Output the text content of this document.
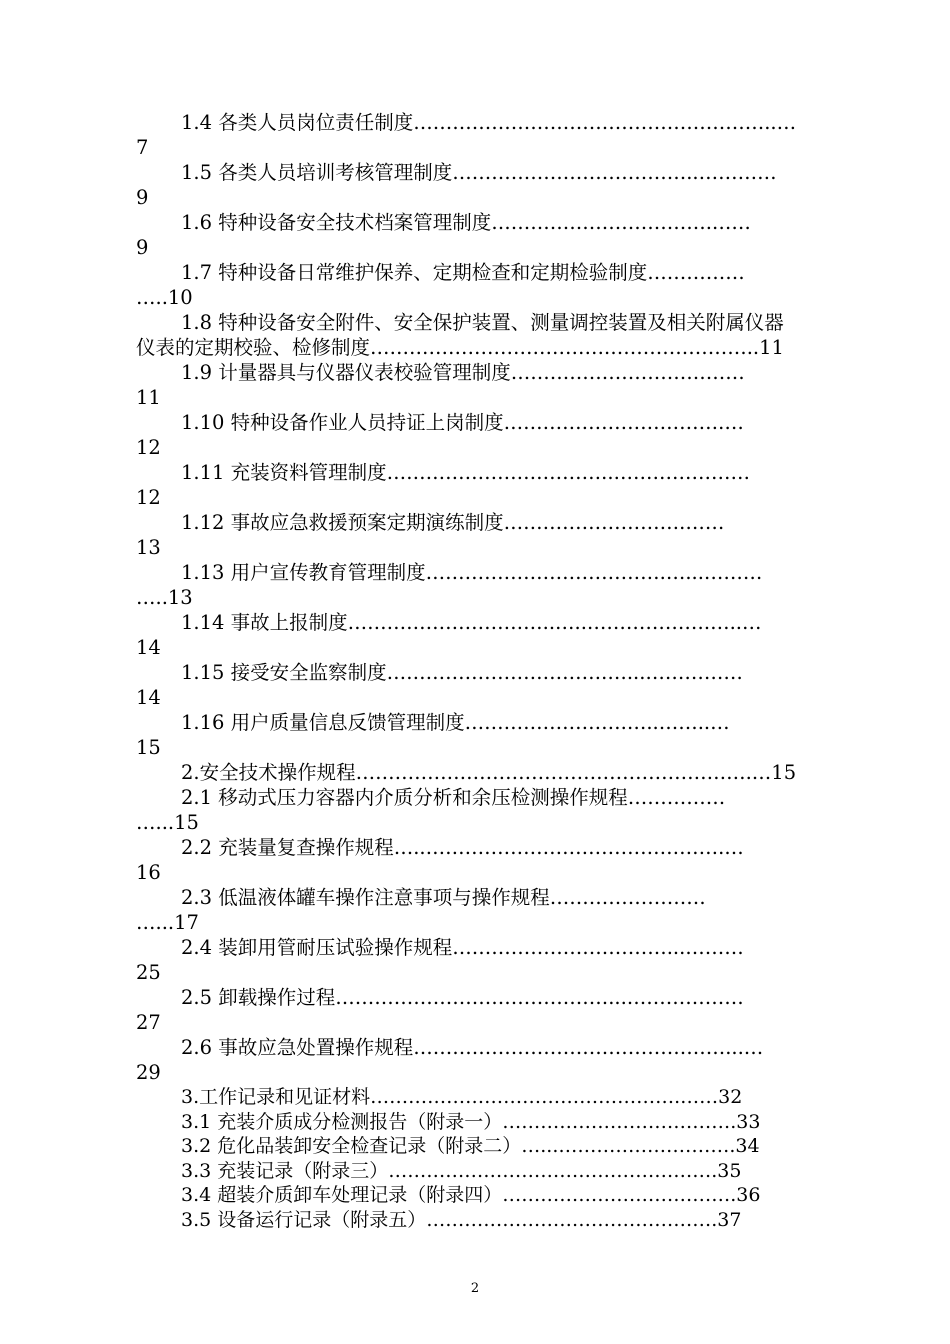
1.4 各类人员岗位责任制度………………………………………………..…
7
1.5 各类人员培训考核管理制度………………………………..…………
9
1.6 特种设备安全技术档案管理制度…………………………….……
9
1.7 特种设备日常维护保养、定期检查和定期检验制度……………
…..10
1.8 特种设备安全附件、安全保护装置、测量调控装置及相关附属仪器
仪表的定期校验、检修制度……………………………….…………………..11
1.9 计量器具与仪器仪表校验管理制度………………………………
11
1.10 特种设备作业人员持证上岗制度…………………………….…
12
1.11 充装资料管理制度……………………………..…………………
12
1.12 事故应急救援预案定期演练制度……………………….……
13
1.13 用户宣传教育管理制度……………………………….…...………
…..13
1.14 事故上报制度…………………………..…..……………….…..…
14
1.15 接受安全监察制度…………………………….…...……………
14
1.16 用户质量信息反馈管理制度…………………….…..……..…
15
2.安全技术操作规程…………………………………………………….…15
2.1 移动式压力容器内介质分析和余压检测操作规程……………
…...15
2.2 充装量复查操作规程…..……………………………………….…
16
2.3 低温液体罐车操作注意事项与操作规程……………………
…...17
2.4 装卸用管耐压试验操作规程……………………………...………
25
2.5 卸载操作过程……………………………………...………………
27
2.6 事故应急处置操作规程…………………………………………...…
29
3.工作记录和见证材料………………………………………….……32
3.1 充装介质成分检测报告（附录一）……………………………….33
3.2 危化品装卸安全检查记录（附录二）…...……………………….34
3.3 充装记录（附录三）…………………………………………….35
3.4 超装介质卸车处理记录（附录四）……………………………….36
3.5 设备运行记录（附录五）……………………………………….37
2
